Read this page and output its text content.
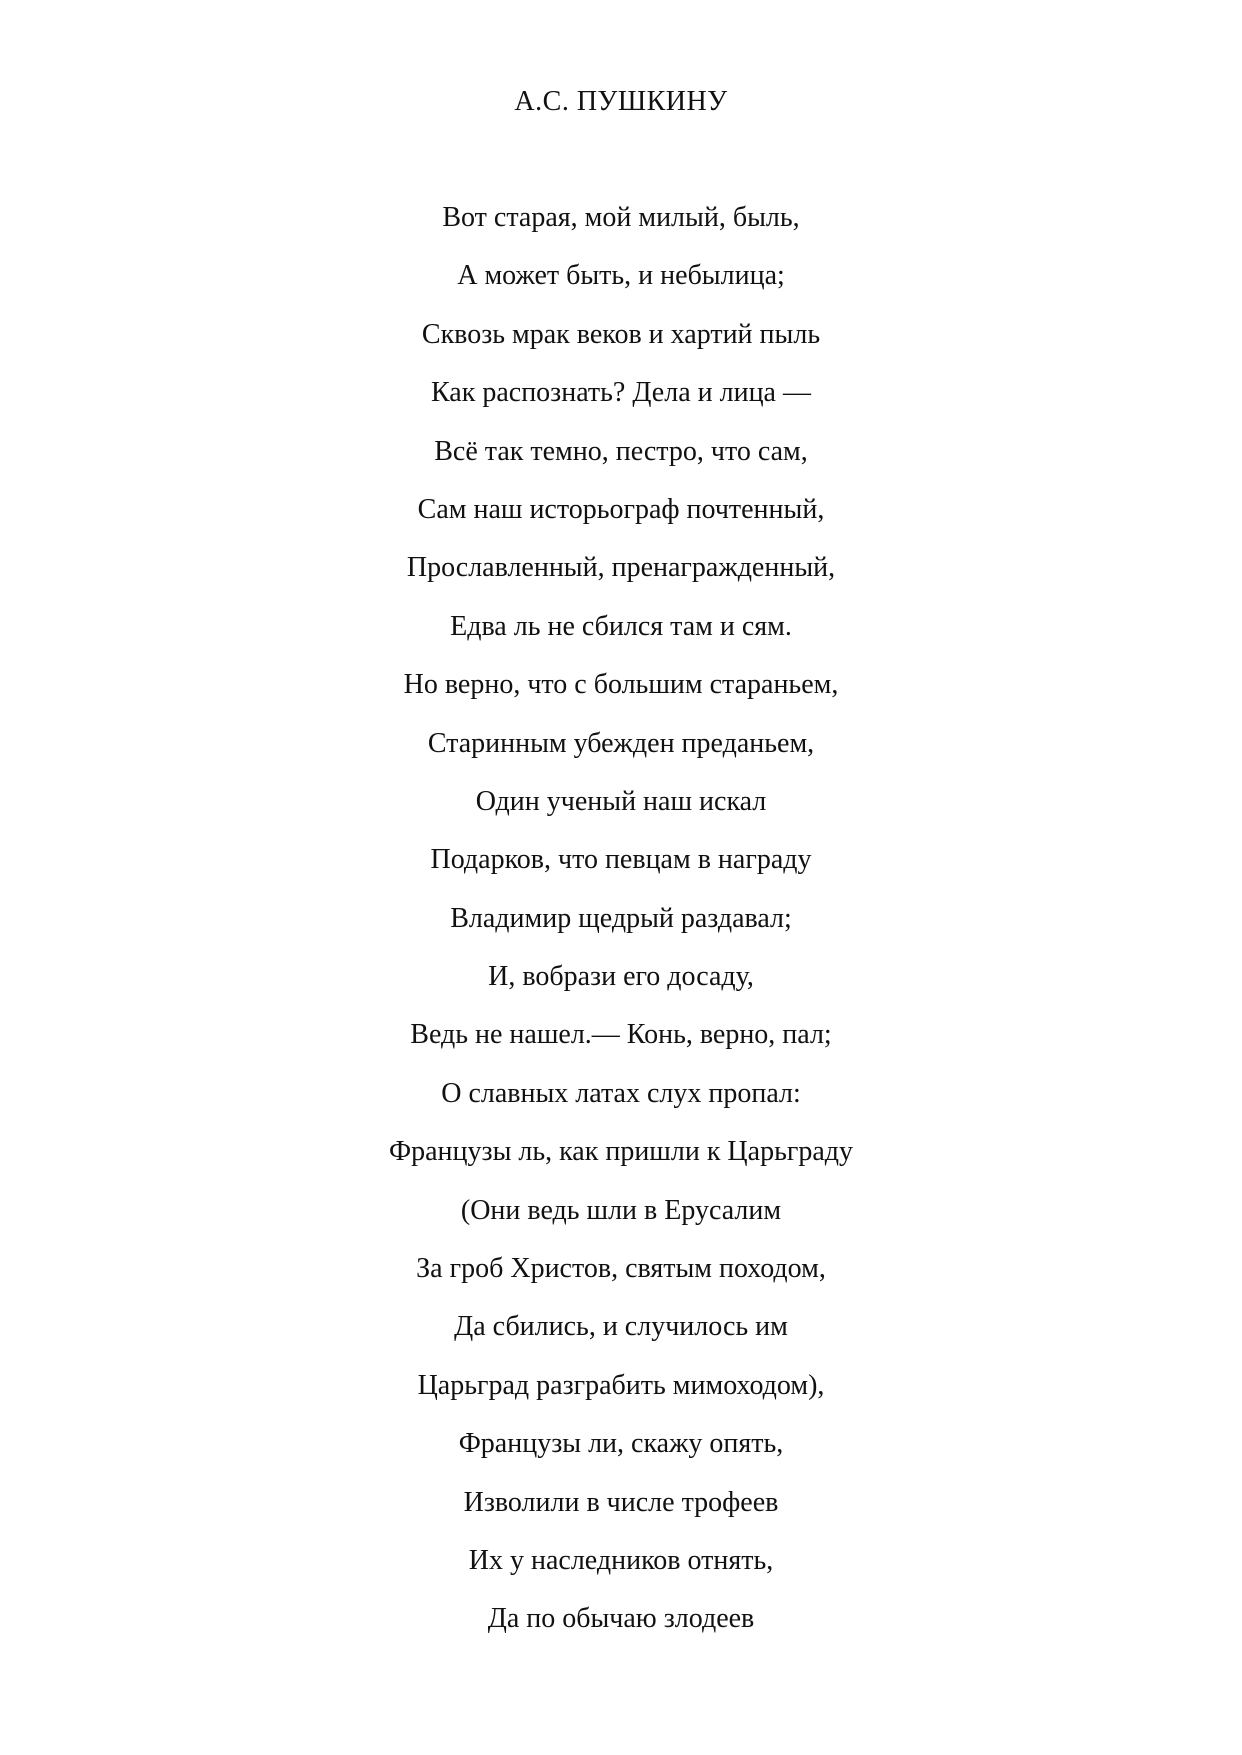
А.С. ПУШКИНУ
Вот старая, мой милый, быль,
А может быть, и небылица;
Сквозь мрак веков и хартий пыль
Как распознать? Дела и лица —
Всё так темно, пестро, что сам,
Сам наш исторьограф почтенный,
Прославленный, пренагражденный,
Едва ль не сбился там и сям.
Но верно, что с большим стараньем,
Старинным убежден преданьем,
Один ученый наш искал
Подарков, что певцам в награду
Владимир щедрый раздавал;
И, вобрази его досаду,
Ведь не нашел.— Конь, верно, пал;
О славных латах слух пропал:
Французы ль, как пришли к Царьграду
(Они ведь шли в Ерусалим
За гроб Христов, святым походом,
Да сбились, и случилось им
Царьград разграбить мимоходом),
Французы ли, скажу опять,
Изволили в числе трофеев
Их у наследников отнять,
Да по обычаю злодеев
